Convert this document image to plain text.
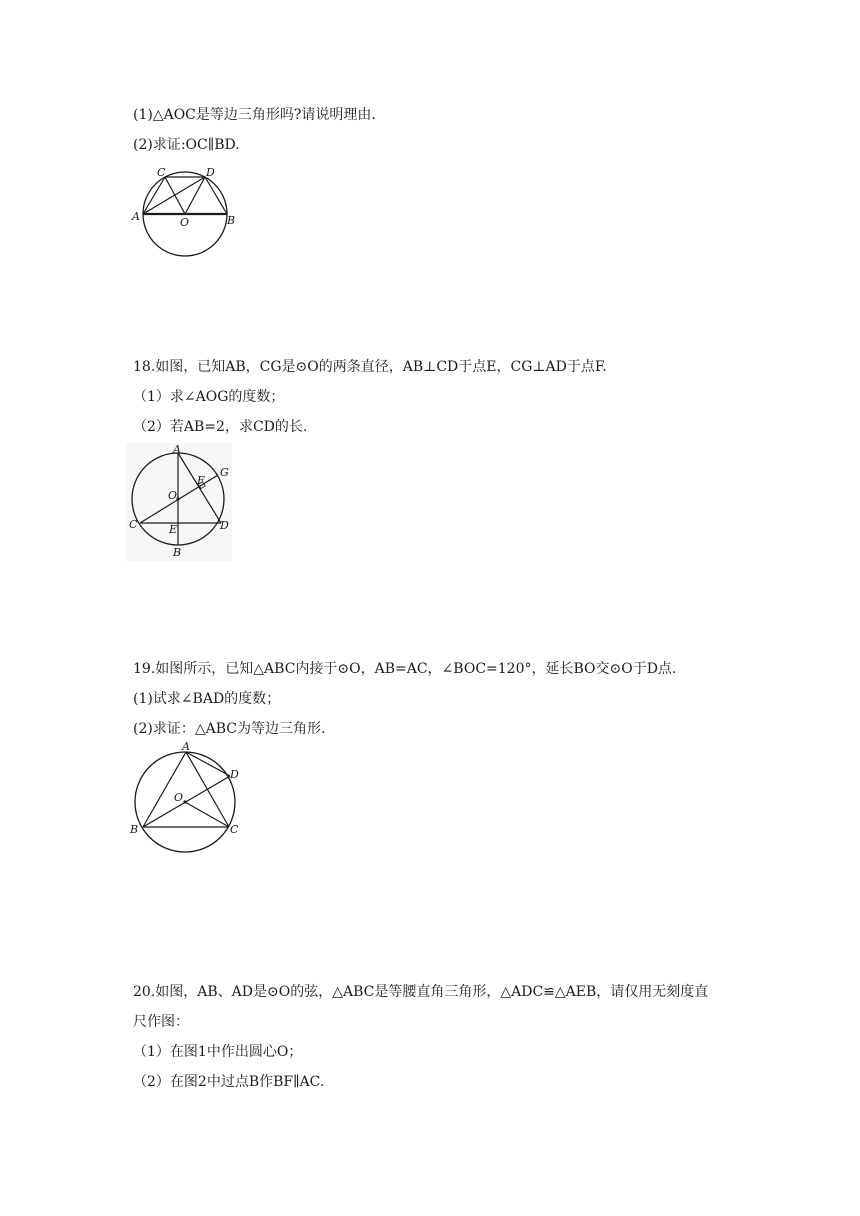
(1)△AOC是等边三角形吗?请说明理由.
(2)求证:OC∥BD.
C	D
A	O	B
18.如图，已知AB，CG是⊙O的两条直径，AB⊥CD于点E，CG⊥AD于点F.
（1）求∠AOG的度数；
（2）若AB=2，求CD的长.
A
G
F
O
C	E	D
B
19.如图所示，已知△ABC内接于⊙O，AB=AC，∠BOC=120°，延长BO交⊙O于D点.
(1)试求∠BAD的度数；
(2)求证：△ABC为等边三角形.
A
D
O
B	C
20.如图，AB、AD是⊙O的弦，△ABC是等腰直角三角形，△ADC≌△AEB，请仅用无刻度直
尺作图：
（1）在图1中作出圆心O；
（2）在图2中过点B作BF∥AC.
